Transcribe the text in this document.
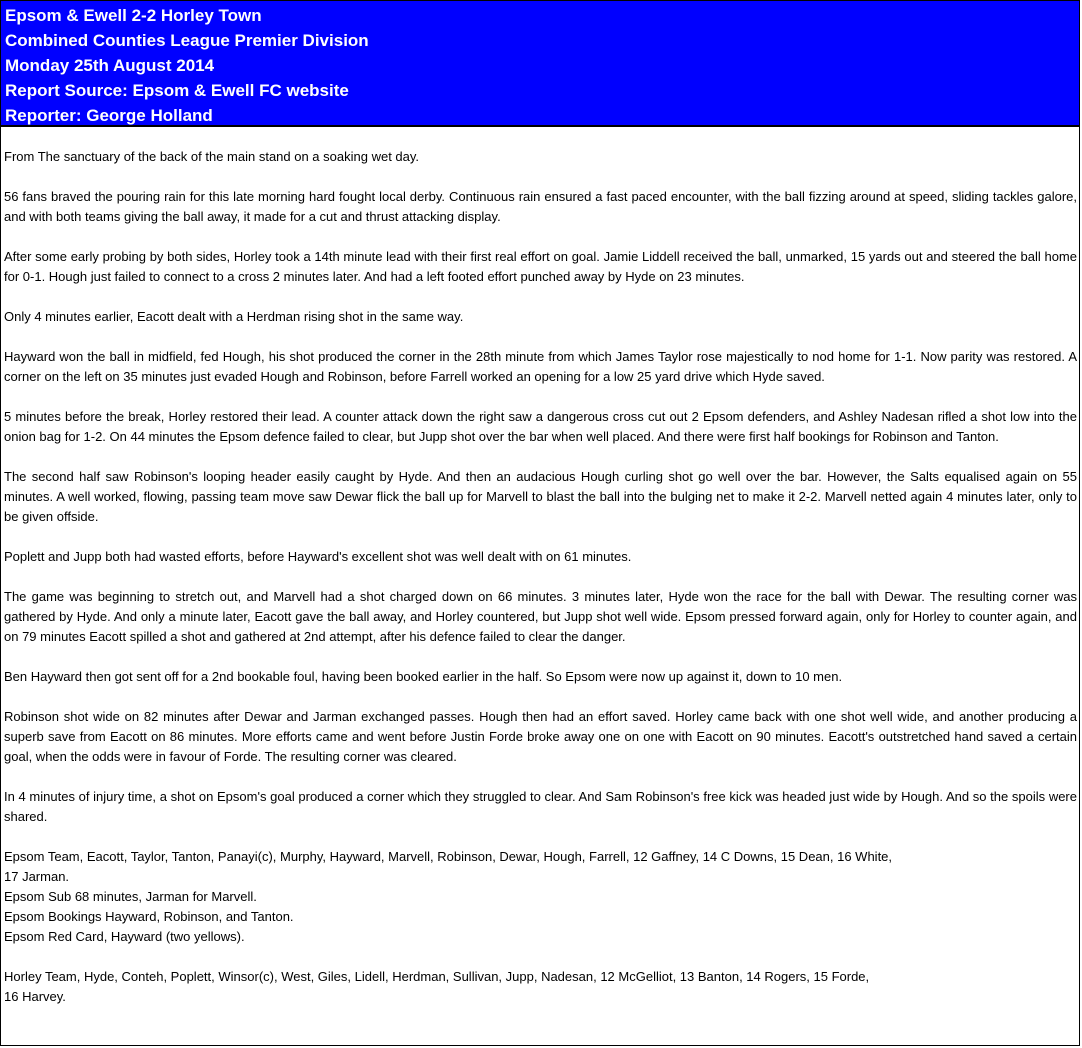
Epsom & Ewell 2-2 Horley Town
Combined Counties League Premier Division
Monday 25th August 2014
Report Source: Epsom & Ewell FC website
Reporter: George Holland

From The sanctuary of the back of the main stand on a soaking wet day.

56 fans braved the pouring rain for this late morning hard fought local derby. Continuous rain ensured a fast paced encounter, with the ball fizzing around at speed, sliding tackles galore, and with both teams giving the ball away, it made for a cut and thrust attacking display.

After some early probing by both sides, Horley took a 14th minute lead with their first real effort on goal. Jamie Liddell received the ball, unmarked, 15 yards out and steered the ball home for 0-1. Hough just failed to connect to a cross 2 minutes later. And had a left footed effort punched away by Hyde on 23 minutes.

Only 4 minutes earlier, Eacott dealt with a Herdman rising shot in the same way.

Hayward won the ball in midfield, fed Hough, his shot produced the corner in the 28th minute from which James Taylor rose majestically to nod home for 1-1. Now parity was restored. A corner on the left on 35 minutes just evaded Hough and Robinson, before Farrell worked an opening for a low 25 yard drive which Hyde saved.

5 minutes before the break, Horley restored their lead. A counter attack down the right saw a dangerous cross cut out 2 Epsom defenders, and Ashley Nadesan rifled a shot low into the onion bag for 1-2. On 44 minutes the Epsom defence failed to clear, but Jupp shot over the bar when well placed. And there were first half bookings for Robinson and Tanton.

The second half saw Robinson's looping header easily caught by Hyde. And then an audacious Hough curling shot go well over the bar. However, the Salts equalised again on 55 minutes. A well worked, flowing, passing team move saw Dewar flick the ball up for Marvell to blast the ball into the bulging net to make it 2-2. Marvell netted again 4 minutes later, only to be given offside.

Poplett and Jupp both had wasted efforts, before Hayward's excellent shot was well dealt with on 61 minutes.

The game was beginning to stretch out, and Marvell had a shot charged down on 66 minutes. 3 minutes later, Hyde won the race for the ball with Dewar. The resulting corner was gathered by Hyde. And only a minute later, Eacott gave the ball away, and Horley countered, but Jupp shot well wide. Epsom pressed forward again, only for Horley to counter again, and on 79 minutes Eacott spilled a shot and gathered at 2nd attempt, after his defence failed to clear the danger.

Ben Hayward then got sent off for a 2nd bookable foul, having been booked earlier in the half. So Epsom were now up against it, down to 10 men.

Robinson shot wide on 82 minutes after Dewar and Jarman exchanged passes. Hough then had an effort saved. Horley came back with one shot well wide, and another producing a superb save from Eacott on 86 minutes. More efforts came and went before Justin Forde broke away one on one with Eacott on 90 minutes. Eacott's outstretched hand saved a certain goal, when the odds were in favour of Forde. The resulting corner was cleared.

In 4 minutes of injury time, a shot on Epsom's goal produced a corner which they struggled to clear. And Sam Robinson's free kick was headed just wide by Hough. And so the spoils were shared.

Epsom Team, Eacott, Taylor, Tanton, Panayi(c), Murphy, Hayward, Marvell, Robinson, Dewar, Hough, Farrell, 12 Gaffney, 14 C Downs, 15 Dean, 16 White,
17 Jarman.
Epsom Sub 68 minutes, Jarman for Marvell.
Epsom Bookings Hayward, Robinson, and Tanton.
Epsom Red Card, Hayward (two yellows).
Horley Team, Hyde, Conteh, Poplett, Winsor(c), West, Giles, Lidell, Herdman, Sullivan, Jupp, Nadesan, 12 McGelliot, 13 Banton, 14 Rogers, 15 Forde,
16 Harvey.
